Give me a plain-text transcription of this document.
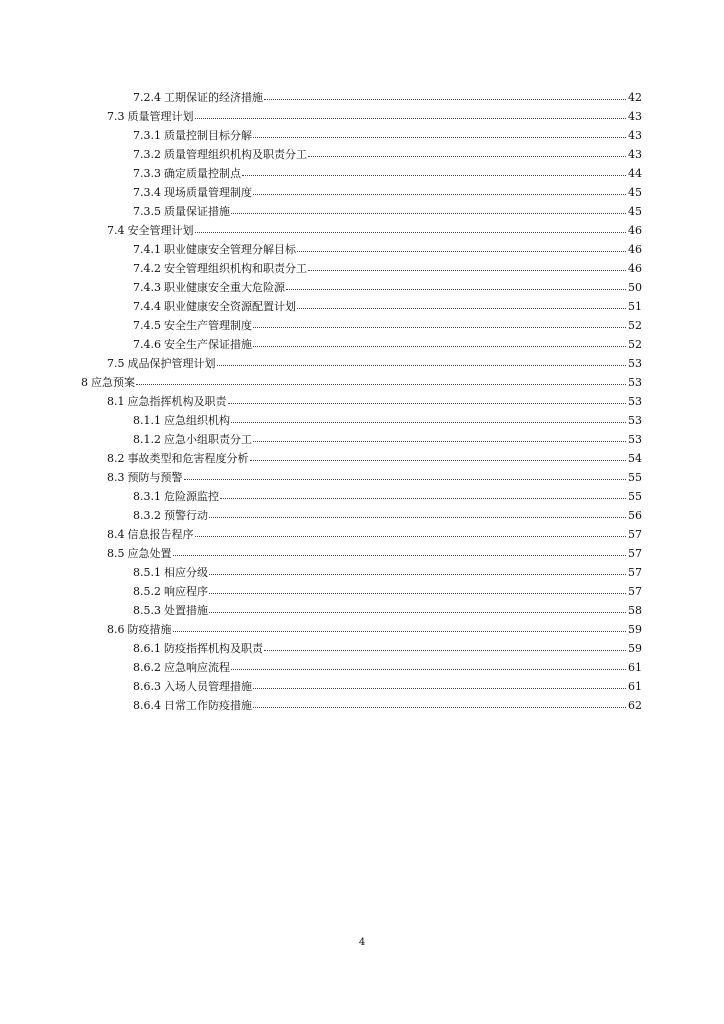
7.2.4 工期保证的经济措施	42
7.3 质量管理计划	43
7.3.1 质量控制目标分解	43
7.3.2 质量管理组织机构及职责分工	43
7.3.3 确定质量控制点	44
7.3.4 现场质量管理制度	45
7.3.5 质量保证措施	45
7.4 安全管理计划	46
7.4.1 职业健康安全管理分解目标	46
7.4.2 安全管理组织机构和职责分工	46
7.4.3 职业健康安全重大危险源	50
7.4.4 职业健康安全资源配置计划	51
7.4.5 安全生产管理制度	52
7.4.6 安全生产保证措施	52
7.5 成品保护管理计划	53
8 应急预案	53
8.1 应急指挥机构及职责	53
8.1.1 应急组织机构	53
8.1.2 应急小组职责分工	53
8.2 事故类型和危害程度分析	54
8.3 预防与预警	55
8.3.1 危险源监控	55
8.3.2 预警行动	56
8.4 信息报告程序	57
8.5 应急处置	57
8.5.1 相应分级	57
8.5.2 响应程序	57
8.5.3 处置措施	58
8.6 防疫措施	59
8.6.1 防疫指挥机构及职责	59
8.6.2 应急响应流程	61
8.6.3 入场人员管理措施	61
8.6.4 日常工作防疫措施	62
4
